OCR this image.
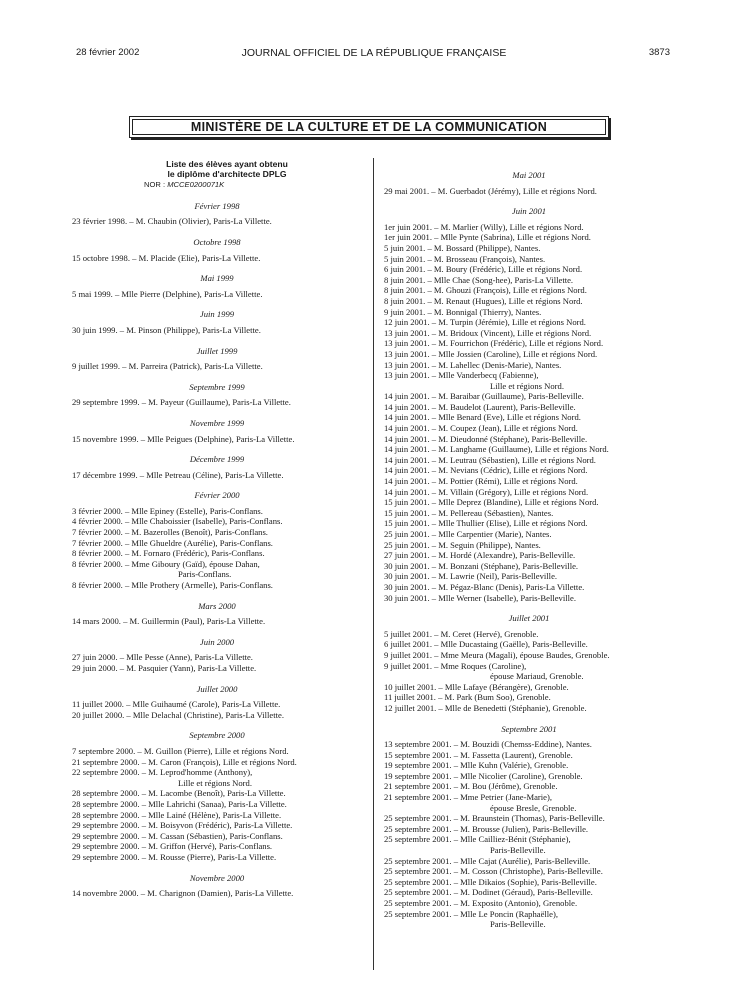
28 février 2002	JOURNAL OFFICIEL DE LA RÉPUBLIQUE FRANÇAISE	3873
MINISTÈRE DE LA CULTURE ET DE LA COMMUNICATION
Liste des élèves ayant obtenu
le diplôme d'architecte DPLG
NOR : MCCE0200071K
Février 1998
23 février 1998. – M. Chaubin (Olivier), Paris-La Villette.
Octobre 1998
15 octobre 1998. – M. Placide (Elie), Paris-La Villette.
Mai 1999
5 mai 1999. – Mlle Pierre (Delphine), Paris-La Villette.
Juin 1999
30 juin 1999. – M. Pinson (Philippe), Paris-La Villette.
Juillet 1999
9 juillet 1999. – M. Parreira (Patrick), Paris-La Villette.
Septembre 1999
29 septembre 1999. – M. Payeur (Guillaume), Paris-La Villette.
Novembre 1999
15 novembre 1999. – Mlle Peigues (Delphine), Paris-La Villette.
Décembre 1999
17 décembre 1999. – Mlle Petreau (Céline), Paris-La Villette.
Février 2000
3 février 2000. – Mlle Epiney (Estelle), Paris-Conflans.
4 février 2000. – Mlle Chaboissier (Isabelle), Paris-Conflans.
7 février 2000. – M. Bazerolles (Benoît), Paris-Conflans.
7 février 2000. – Mlle Ghueldre (Aurélie), Paris-Conflans.
8 février 2000. – M. Fornaro (Frédéric), Paris-Conflans.
8 février 2000. – Mme Giboury (Gaïd), épouse Dahan,
Paris-Conflans.
8 février 2000. – Mlle Prothery (Armelle), Paris-Conflans.
Mars 2000
14 mars 2000. – M. Guillermin (Paul), Paris-La Villette.
Juin 2000
27 juin 2000. – Mlle Pesse (Anne), Paris-La Villette.
29 juin 2000. – M. Pasquier (Yann), Paris-La Villette.
Juillet 2000
11 juillet 2000. – Mlle Guihaumé (Carole), Paris-La Villette.
20 juillet 2000. – Mlle Delachal (Christine), Paris-La Villette.
Septembre 2000
7 septembre 2000. – M. Guillon (Pierre), Lille et régions Nord.
21 septembre 2000. – M. Caron (François), Lille et régions Nord.
22 septembre 2000. – M. Leprod'homme (Anthony),
Lille et régions Nord.
28 septembre 2000. – M. Lacombe (Benoît), Paris-La Villette.
28 septembre 2000. – Mlle Lahrichi (Sanaa), Paris-La Villette.
28 septembre 2000. – Mlle Lainé (Hélène), Paris-La Villette.
29 septembre 2000. – M. Boisyvon (Frédéric), Paris-La Villette.
29 septembre 2000. – M. Cassan (Sébastien), Paris-Conflans.
29 septembre 2000. – M. Griffon (Hervé), Paris-Conflans.
29 septembre 2000. – M. Rousse (Pierre), Paris-La Villette.
Novembre 2000
14 novembre 2000. – M. Charignon (Damien), Paris-La Villette.
Mai 2001
29 mai 2001. – M. Guerbadot (Jérémy), Lille et régions Nord.
Juin 2001
1er juin 2001. – M. Marlier (Willy), Lille et régions Nord.
1er juin 2001. – Mlle Pynte (Sabrina), Lille et régions Nord.
5 juin 2001. – M. Bossard (Philippe), Nantes.
5 juin 2001. – M. Brosseau (François), Nantes.
6 juin 2001. – M. Boury (Frédéric), Lille et régions Nord.
8 juin 2001. – Mlle Chae (Song-hee), Paris-La Villette.
8 juin 2001. – M. Ghouzi (François), Lille et régions Nord.
8 juin 2001. – M. Renaut (Hugues), Lille et régions Nord.
9 juin 2001. – M. Bonnigal (Thierry), Nantes.
12 juin 2001. – M. Turpin (Jérémie), Lille et régions Nord.
13 juin 2001. – M. Bridoux (Vincent), Lille et régions Nord.
13 juin 2001. – M. Fourrichon (Frédéric), Lille et régions Nord.
13 juin 2001. – Mlle Jossien (Caroline), Lille et régions Nord.
13 juin 2001. – M. Lahellec (Denis-Marie), Nantes.
13 juin 2001. – Mlle Vanderbecq (Fabienne),
Lille et régions Nord.
14 juin 2001. – M. Baraibar (Guillaume), Paris-Belleville.
14 juin 2001. – M. Baudelot (Laurent), Paris-Belleville.
14 juin 2001. – Mlle Benard (Eve), Lille et régions Nord.
14 juin 2001. – M. Coupez (Jean), Lille et régions Nord.
14 juin 2001. – M. Dieudonné (Stéphane), Paris-Belleville.
14 juin 2001. – M. Langhame (Guillaume), Lille et régions Nord.
14 juin 2001. – M. Leutrau (Sébastien), Lille et régions Nord.
14 juin 2001. – M. Nevians (Cédric), Lille et régions Nord.
14 juin 2001. – M. Pottier (Rémi), Lille et régions Nord.
14 juin 2001. – M. Villain (Grégory), Lille et régions Nord.
15 juin 2001. – Mlle Deprez (Blandine), Lille et régions Nord.
15 juin 2001. – M. Pellereau (Sébastien), Nantes.
15 juin 2001. – Mlle Thullier (Elise), Lille et régions Nord.
25 juin 2001. – Mlle Carpentier (Marie), Nantes.
25 juin 2001. – M. Seguin (Philippe), Nantes.
27 juin 2001. – M. Hordé (Alexandre), Paris-Belleville.
30 juin 2001. – M. Bonzani (Stéphane), Paris-Belleville.
30 juin 2001. – M. Lawrie (Neil), Paris-Belleville.
30 juin 2001. – M. Pégaz-Blanc (Denis), Paris-La Villette.
30 juin 2001. – Mlle Werner (Isabelle), Paris-Belleville.
Juillet 2001
5 juillet 2001. – M. Ceret (Hervé), Grenoble.
6 juillet 2001. – Mlle Ducastaing (Gaëlle), Paris-Belleville.
9 juillet 2001. – Mme Meura (Magali), épouse Baudes, Grenoble.
9 juillet 2001. – Mme Roques (Caroline),
épouse Mariaud, Grenoble.
10 juillet 2001. – Mlle Lafaye (Bérangère), Grenoble.
11 juillet 2001. – M. Park (Bum Soo), Grenoble.
12 juillet 2001. – Mlle de Benedetti (Stéphanie), Grenoble.
Septembre 2001
13 septembre 2001. – M. Bouzidi (Chemss-Eddine), Nantes.
15 septembre 2001. – M. Fassetta (Laurent), Grenoble.
19 septembre 2001. – Mlle Kuhn (Valérie), Grenoble.
19 septembre 2001. – Mlle Nicolier (Caroline), Grenoble.
21 septembre 2001. – M. Bou (Jérôme), Grenoble.
21 septembre 2001. – Mme Petrier (Jane-Marie),
épouse Bresle, Grenoble.
25 septembre 2001. – M. Braunstein (Thomas), Paris-Belleville.
25 septembre 2001. – M. Brousse (Julien), Paris-Belleville.
25 septembre 2001. – Mlle Cailliez-Bénit (Stéphanie),
Paris-Belleville.
25 septembre 2001. – Mlle Cajat (Aurélie), Paris-Belleville.
25 septembre 2001. – M. Cosson (Christophe), Paris-Belleville.
25 septembre 2001. – Mlle Dikaios (Sophie), Paris-Belleville.
25 septembre 2001. – M. Dodinet (Géraud), Paris-Belleville.
25 septembre 2001. – M. Exposito (Antonio), Grenoble.
25 septembre 2001. – Mlle Le Poncin (Raphaëlle),
Paris-Belleville.
